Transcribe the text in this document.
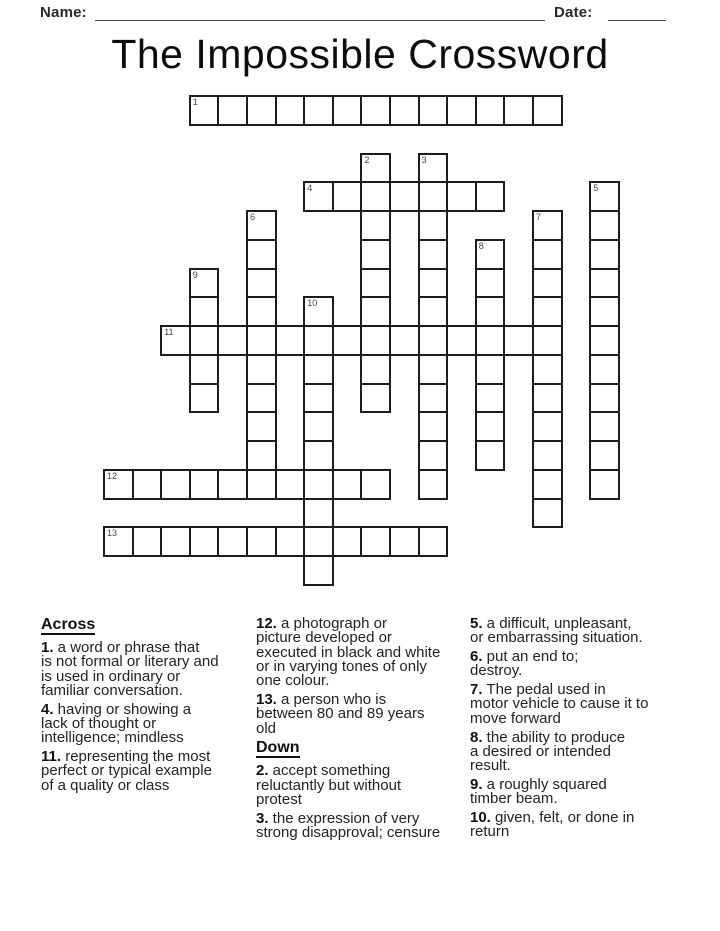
Name:	Date:
The Impossible Crossword
1
2	3
4	5
6	7
8
9
10
11
12
13
Across
1. a word or phrase that
is not formal or literary and
is used in ordinary or
familiar conversation.
4. having or showing a
lack of thought or
intelligence; mindless
11. representing the most
perfect or typical example
of a quality or class
12. a photograph or
picture developed or
executed in black and white
or in varying tones of only
one colour.
13. a person who is
between 80 and 89 years
old
Down
2. accept something
reluctantly but without
protest
3. the expression of very
strong disapproval; censure
5. a difficult, unpleasant,
or embarrassing situation.
6. put an end to;
destroy.
7. The pedal used in
motor vehicle to cause it to
move forward
8. the ability to produce
a desired or intended
result.
9. a roughly squared
timber beam.
10. given, felt, or done in
return
